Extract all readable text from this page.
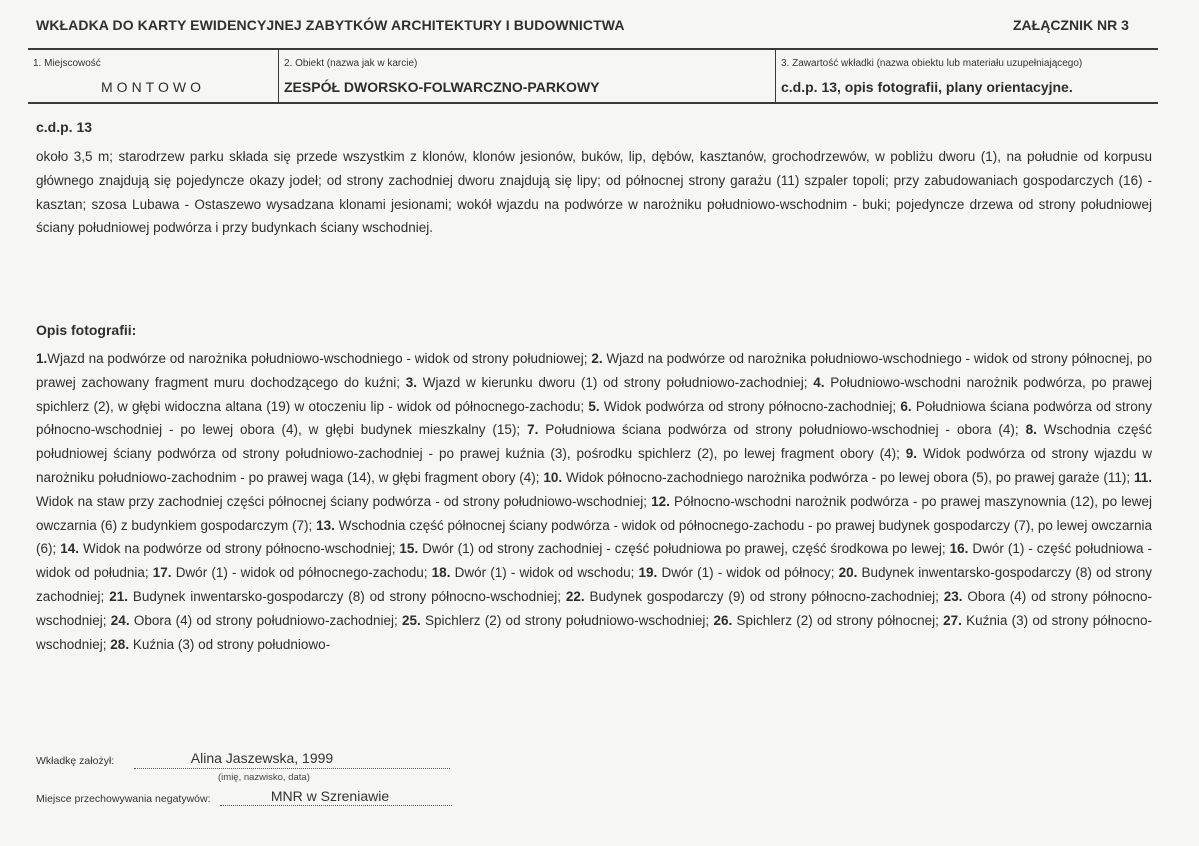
WKŁADKA DO KARTY EWIDENCYJNEJ ZABYTKÓW ARCHITEKTURY I BUDOWNICTWA	ZAŁĄCZNIK NR 3
1. Miejscowość
MONTOWO
2. Obiekt (nazwa jak w karcie)
ZESPÓŁ DWORSKO-FOLWARCZNO-PARKOWY
3. Zawartość wkładki (nazwa obiektu lub materiału uzupełniającego)
c.d.p. 13, opis fotografii, plany orientacyjne.
c.d.p. 13
około 3,5 m; starodrzew parku składa się przede wszystkim z klonów, klonów jesionów, buków, lip, dębów, kasztanów, grochodrzewów, w pobliżu dworu (1), na południe od korpusu głównego znajdują się pojedyncze okazy jodeł; od strony zachodniej dworu znajdują się lipy; od północnej strony garażu (11) szpaler topoli; przy zabudowaniach gospodarczych (16) - kasztan; szosa Lubawa - Ostaszewo wysadzana klonami jesionami; wokół wjazdu na podwórze w narożniku południowo-wschodnim - buki; pojedyncze drzewa od strony południowej ściany południowej podwórza i przy budynkach ściany wschodniej.
Opis fotografii:
1.Wjazd na podwórze od narożnika południowo-wschodniego - widok od strony południowej; 2. Wjazd na podwórze od narożnika południowo-wschodniego - widok od strony północnej, po prawej zachowany fragment muru dochodzącego do kuźni; 3. Wjazd w kierunku dworu (1) od strony południowo-zachodniej; 4. Południowo-wschodni narożnik podwórza, po prawej spichlerz (2), w głębi widoczna altana (19) w otoczeniu lip - widok od północnego-zachodu; 5. Widok podwórza od strony północno-zachodniej; 6. Południowa ściana podwórza od strony północno-wschodniej - po lewej obora (4), w głębi budynek mieszkalny (15); 7. Południowa ściana podwórza od strony południowo-wschodniej - obora (4); 8. Wschodnia część południowej ściany podwórza od strony południowo-zachodniej - po prawej kuźnia (3), pośrodku spichlerz (2), po lewej fragment obory (4); 9. Widok podwórza od strony wjazdu w narożniku południowo-zachodnim - po prawej waga (14), w głębi fragment obory (4); 10. Widok północno-zachodniego narożnika podwórza - po lewej obora (5), po prawej garaże (11); 11. Widok na staw przy zachodniej części północnej ściany podwórza - od strony południowo-wschodniej; 12. Północno-wschodni narożnik podwórza - po prawej maszynownia (12), po lewej owczarnia (6) z budynkiem gospodarczym (7); 13. Wschodnia część północnej ściany podwórza - widok od północnego-zachodu - po prawej budynek gospodarczy (7), po lewej owczarnia (6); 14. Widok na podwórze od strony północno-wschodniej; 15. Dwór (1) od strony zachodniej - część południowa po prawej, część środkowa po lewej; 16. Dwór (1) - część południowa - widok od południa; 17. Dwór (1) - widok od północnego-zachodu; 18. Dwór (1) - widok od wschodu; 19. Dwór (1) - widok od północy; 20. Budynek inwentarsko-gospodarczy (8) od strony zachodniej; 21. Budynek inwentarsko-gospodarczy (8) od strony północno-wschodniej; 22. Budynek gospodarczy (9) od strony północno-zachodniej; 23. Obora (4) od strony północno-wschodniej; 24. Obora (4) od strony południowo-zachodniej; 25. Spichlerz (2) od strony południowo-wschodniej; 26. Spichlerz (2) od strony północnej; 27. Kuźnia (3) od strony północno-wschodniej; 28. Kuźnia (3) od strony południowo-
Wkładkę założył:	Alina Jaszewska, 1999
(imię, nazwisko, data)
Miejsce przechowywania negatywów:	MNR w Szreniawie
